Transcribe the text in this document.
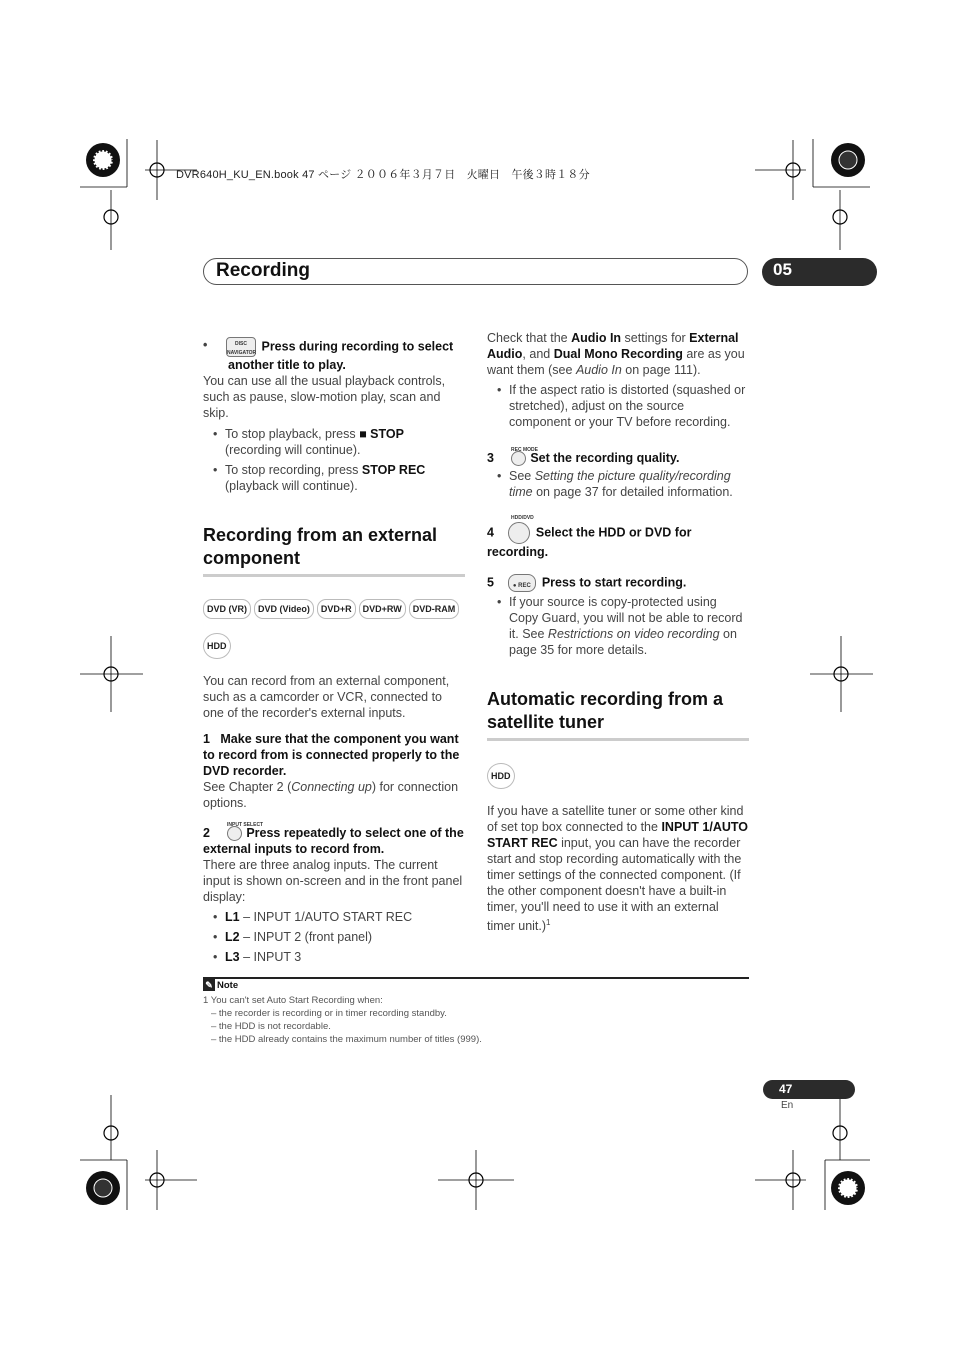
DVR640H_KU_EN.book 47 ページ ２００６年３月７日　火曜日　午後３時１８分
Recording	05
• DISC NAVIGATOR Press during recording to select another title to play.

You can use all the usual playback controls, such as pause, slow-motion play, scan and skip.

• To stop playback, press ■ STOP
(recording will continue).
• To stop recording, press STOP REC
(playback will continue).
Recording from an external component
DVD (VR) DVD (Video) DVD+R DVD+RW DVD-RAM
HDD

You can record from an external component, such as a camcorder or VCR, connected to one of the recorder's external inputs.

1 Make sure that the component you want to record from is connected properly to the DVD recorder.

See Chapter 2 (Connecting up) for connection options.

INPUT SELECT
2	Press repeatedly to select one of the external inputs to record from.

There are three analog inputs. The current input is shown on-screen and in the front panel display:

• L1 – INPUT 1/AUTO START REC
• L2 – INPUT 2 (front panel)
• L3 – INPUT 3

Check that the Audio In settings for External Audio, and Dual Mono Recording are as you want them (see Audio In on page 111).

• If the aspect ratio is distorted (squashed or stretched), adjust on the source component or your TV before recording.
REC MODE
3	Set the recording quality.
• See Setting the picture quality/recording time on page 37 for detailed information.
HDD/DVD
4	Select the HDD or DVD for recording.
5	● REC Press to start recording.
• If your source is copy-protected using Copy Guard, you will not be able to record it. See Restrictions on video recording on page 35 for more details.
Automatic recording from a satellite tuner
HDD

If you have a satellite tuner or some other kind of set top box connected to the INPUT 1/AUTO START REC input, you can have the recorder start and stop recording automatically with the timer settings of the connected component. (If the other component doesn't have a built-in timer, you'll need to use it with an external timer unit.)$^1$

✎ Note
1 You can't set Auto Start Recording when:
– the recorder is recording or in timer recording standby.
– the HDD is not recordable.
– the HDD already contains the maximum number of titles (999).
47
En
